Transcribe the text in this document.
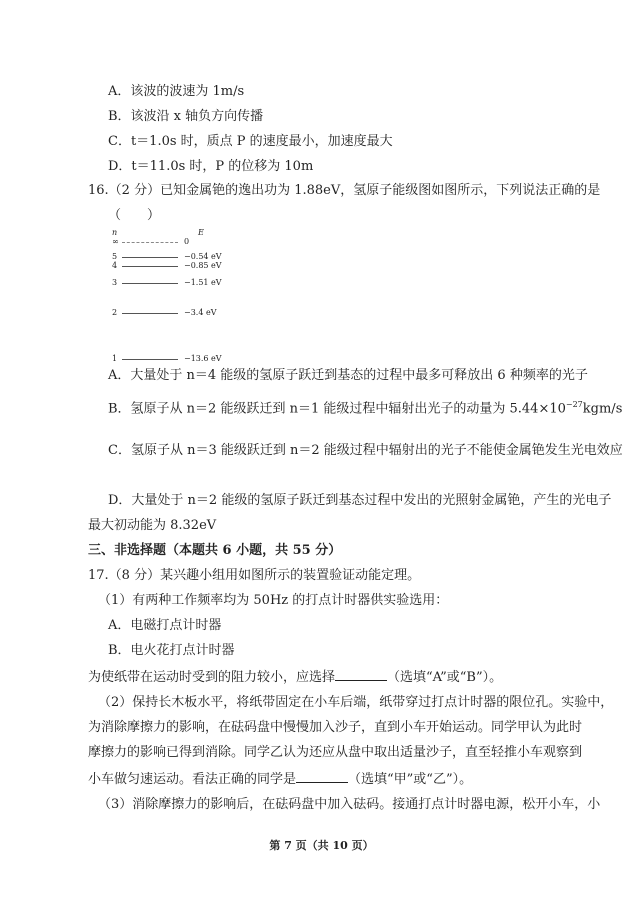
A．该波的波速为 1m/s
B．该波沿 x 轴负方向传播
C．t＝1.0s 时，质点 P 的速度最小，加速度最大
D．t＝11.0s 时，P 的位移为 10m
16.（2 分）已知金属铯的逸出功为 1.88eV，氢原子能级图如图所示，下列说法正确的是
（　　）
n	E
∞	0
5	−0.54 eV
4	−0.85 eV
3	−1.51 eV
2	−3.4 eV
1	−13.6 eV
A．大量处于 n＝4 能级的氢原子跃迁到基态的过程中最多可释放出 6 种频率的光子
B．氢原子从 n＝2 能级跃迁到 n＝1 能级过程中辐射出光子的动量为 $5.44\times 10^{-27}kgm/s$
C．氢原子从 n＝3 能级跃迁到 n＝2 能级过程中辐射出的光子不能使金属铯发生光电效应
D．大量处于 n＝2 能级的氢原子跃迁到基态过程中发出的光照射金属铯，产生的光电子
最大初动能为 8.32eV
三、非选择题（本题共 6 小题，共 55 分）
17.（8 分）某兴趣小组用如图所示的装置验证动能定理。
（1）有两种工作频率均为 50Hz 的打点计时器供实验选用：
A．电磁打点计时器
B．电火花打点计时器
为使纸带在运动时受到的阻力较小，应选择	（选填“A”或“B”）。
（2）保持长木板水平，将纸带固定在小车后端，纸带穿过打点计时器的限位孔。实验中，
为消除摩擦力的影响，在砝码盘中慢慢加入沙子，直到小车开始运动。同学甲认为此时
摩擦力的影响已得到消除。同学乙认为还应从盘中取出适量沙子，直至轻推小车观察到
小车做匀速运动。看法正确的同学是	（选填“甲”或“乙”）。
（3）消除摩擦力的影响后，在砝码盘中加入砝码。接通打点计时器电源，松开小车，小
第 7 页（共 10 页）
